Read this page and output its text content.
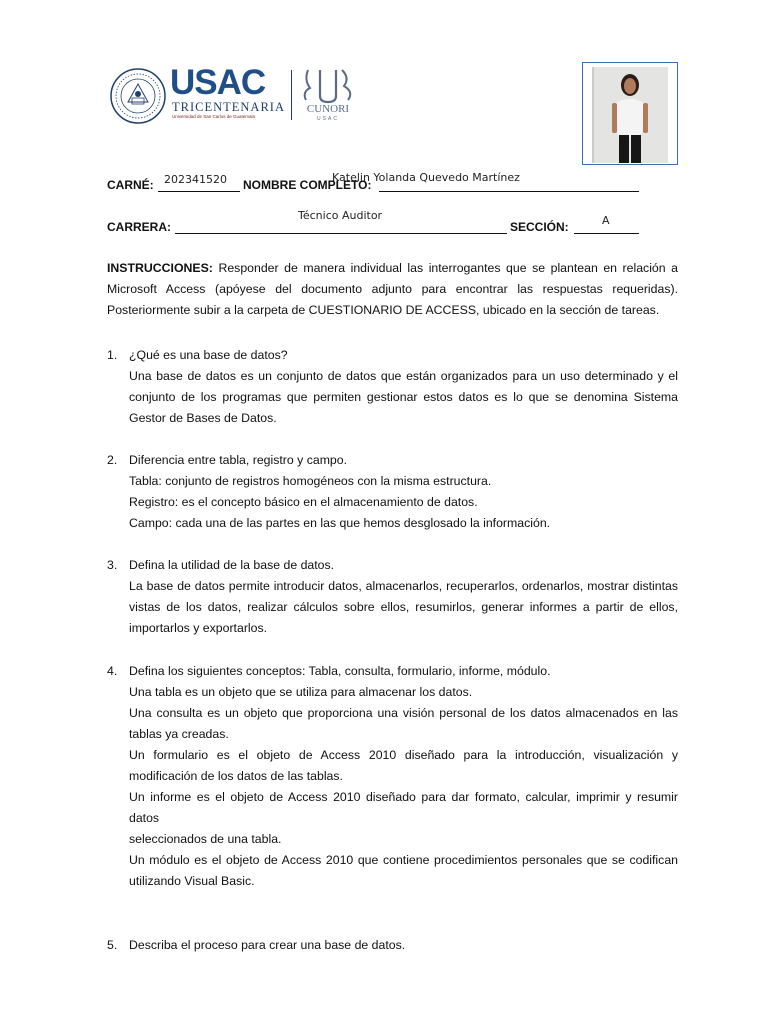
USAC
TRICENTENARIA
Universidad de San Carlos de Guatemala
CUNORI
USAC
CARNÉ: 202341520 NOMBRE COMPLETO:
Katelin Yolanda Quevedo Martínez
CARRERA:
Técnico Auditor
SECCIÓN:	A
INSTRUCCIONES: Responder de manera individual las interrogantes que se plantean en relación a Microsoft Access (apóyese del documento adjunto para encontrar las respuestas requeridas). Posteriormente subir a la carpeta de CUESTIONARIO DE ACCESS, ubicado en la sección de tareas.
1. ¿Qué es una base de datos?
Una base de datos es un conjunto de datos que están organizados para un uso determinado y el conjunto de los programas que permiten gestionar estos datos es lo que se denomina Sistema Gestor de Bases de Datos.
2. Diferencia entre tabla, registro y campo.
Tabla: conjunto de registros homogéneos con la misma estructura.
Registro: es el concepto básico en el almacenamiento de datos.
Campo: cada una de las partes en las que hemos desglosado la información.
3. Defina la utilidad de la base de datos.
La base de datos permite introducir datos, almacenarlos, recuperarlos, ordenarlos, mostrar distintas vistas de los datos, realizar cálculos sobre ellos, resumirlos, generar informes a partir de ellos, importarlos y exportarlos.
4. Defina los siguientes conceptos: Tabla, consulta, formulario, informe, módulo.
Una tabla es un objeto que se utiliza para almacenar los datos.
Una consulta es un objeto que proporciona una visión personal de los datos almacenados en las tablas ya creadas.
Un formulario es el objeto de Access 2010 diseñado para la introducción, visualización y modificación de los datos de las tablas.
Un informe es el objeto de Access 2010 diseñado para dar formato, calcular, imprimir y resumir datos
seleccionados de una tabla.
Un módulo es el objeto de Access 2010 que contiene procedimientos personales que se codifican utilizando Visual Basic.
5. Describa el proceso para crear una base de datos.
